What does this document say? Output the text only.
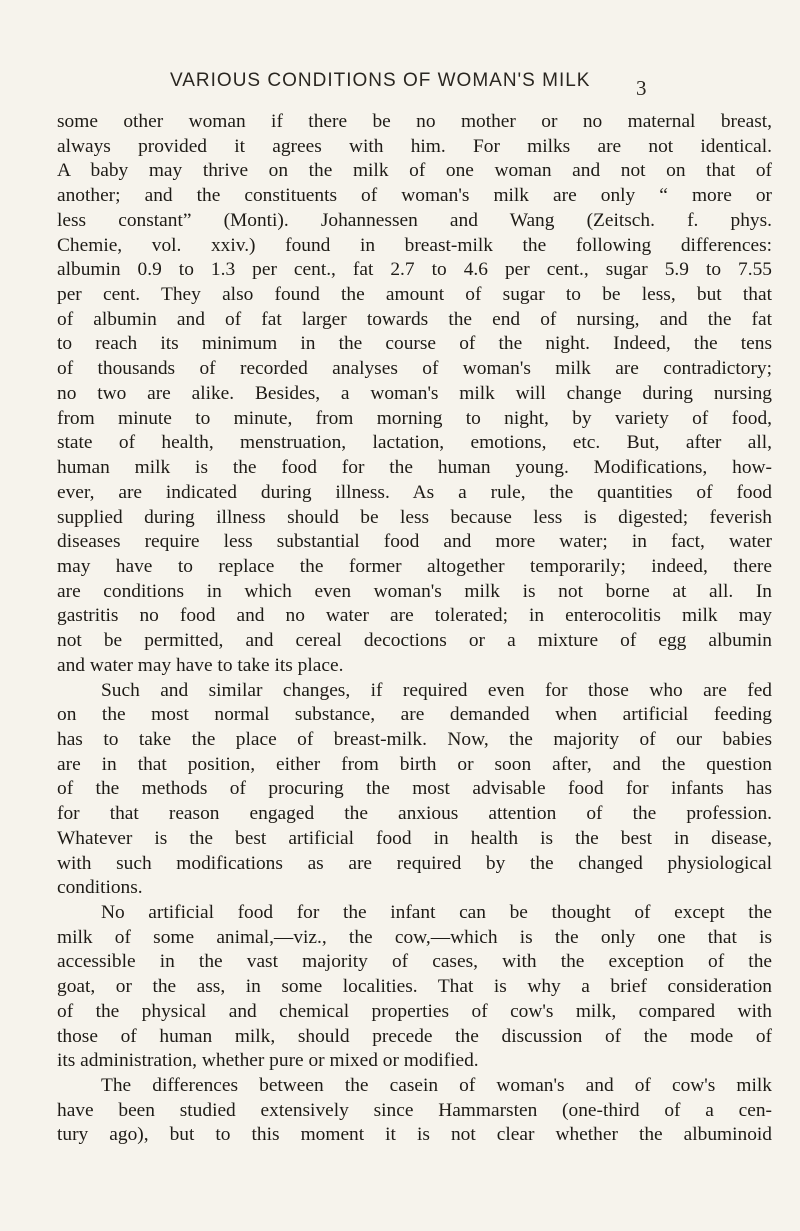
VARIOUS CONDITIONS OF WOMAN'S MILK 3
some other woman if there be no mother or no maternal breast,
always provided it agrees with him. For milks are not identical.
A baby may thrive on the milk of one woman and not on that of
another; and the constituents of woman's milk are only “ more or
less constant” (Monti). Johannessen and Wang (Zeitsch. f. phys.
Chemie, vol. xxiv.) found in breast-milk the following differences:
albumin 0.9 to 1.3 per cent., fat 2.7 to 4.6 per cent., sugar 5.9 to 7.55
per cent. They also found the amount of sugar to be less, but that
of albumin and of fat larger towards the end of nursing, and the fat
to reach its minimum in the course of the night. Indeed, the tens
of thousands of recorded analyses of woman's milk are contradictory;
no two are alike. Besides, a woman's milk will change during nursing
from minute to minute, from morning to night, by variety of food,
state of health, menstruation, lactation, emotions, etc. But, after all,
human milk is the food for the human young. Modifications, how-
ever, are indicated during illness. As a rule, the quantities of food
supplied during illness should be less because less is digested; feverish
diseases require less substantial food and more water; in fact, water
may have to replace the former altogether temporarily; indeed, there
are conditions in which even woman's milk is not borne at all. In
gastritis no food and no water are tolerated; in enterocolitis milk may
not be permitted, and cereal decoctions or a mixture of egg albumin
and water may have to take its place.
Such and similar changes, if required even for those who are fed
on the most normal substance, are demanded when artificial feeding
has to take the place of breast-milk. Now, the majority of our babies
are in that position, either from birth or soon after, and the question
of the methods of procuring the most advisable food for infants has
for that reason engaged the anxious attention of the profession.
Whatever is the best artificial food in health is the best in disease,
with such modifications as are required by the changed physiological
conditions.
No artificial food for the infant can be thought of except the
milk of some animal,—viz., the cow,—which is the only one that is
accessible in the vast majority of cases, with the exception of the
goat, or the ass, in some localities. That is why a brief consideration
of the physical and chemical properties of cow's milk, compared with
those of human milk, should precede the discussion of the mode of
its administration, whether pure or mixed or modified.
The differences between the casein of woman's and of cow's milk
have been studied extensively since Hammarsten (one-third of a cen-
tury ago), but to this moment it is not clear whether the albuminoid
